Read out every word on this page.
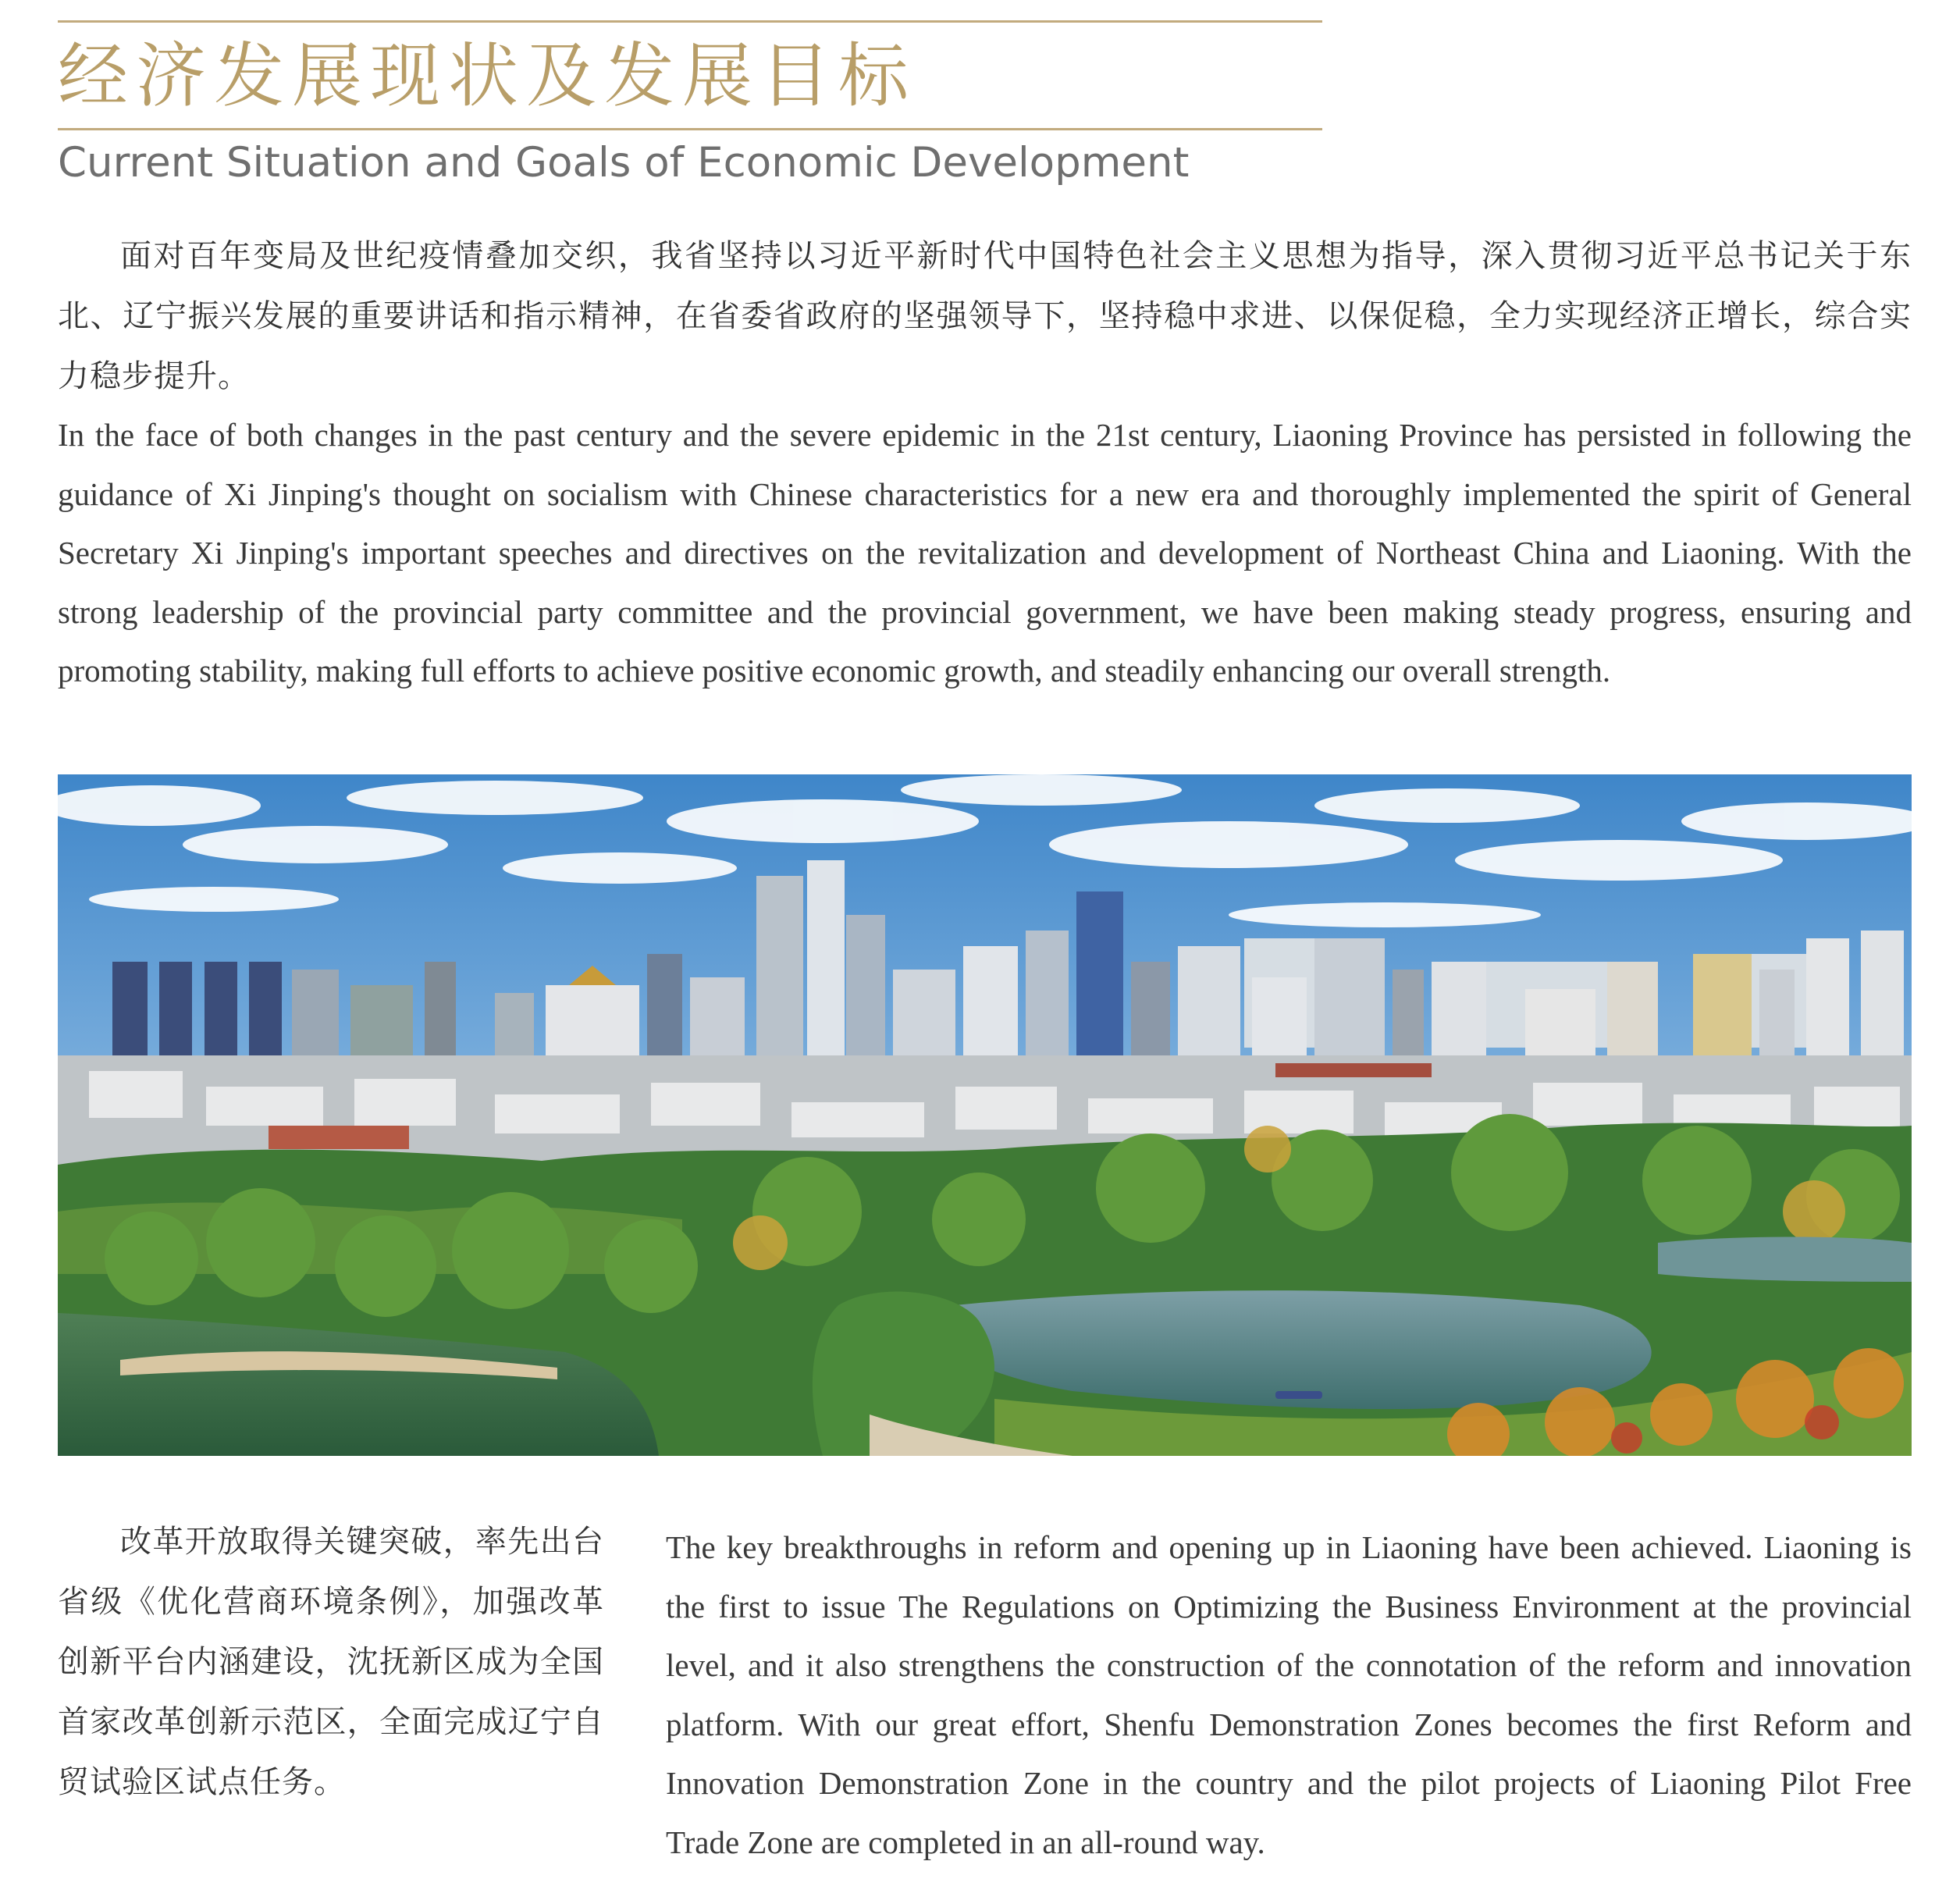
经济发展现状及发展目标
Current Situation and Goals of Economic Development

面对百年变局及世纪疫情叠加交织，我省坚持以习近平新时代中国特色社会主义思想为指导，深入贯彻习近平总书记关于东北、辽宁振兴发展的重要讲话和指示精神，在省委省政府的坚强领导下，坚持稳中求进、以保促稳，全力实现经济正增长，综合实力稳步提升。

In the face of both changes in the past century and the severe epidemic in the 21st century, Liaoning Province has persisted in following the guidance of Xi Jinping's thought on socialism with Chinese characteristics for a new era and thoroughly implemented the spirit of General Secretary Xi Jinping's important speeches and directives on the revitalization and development of Northeast China and Liaoning. With the strong leadership of the provincial party committee and the provincial government, we have been making steady progress, ensuring and promoting stability, making full efforts to achieve positive economic growth, and steadily enhancing our overall strength.

改革开放取得关键突破，率先出台省级《优化营商环境条例》，加强改革创新平台内涵建设，沈抚新区成为全国首家改革创新示范区，全面完成辽宁自贸试验区试点任务。

The key breakthroughs in reform and opening up in Liaoning have been achieved. Liaoning is the first to issue The Regulations on Optimizing the Business Environment at the provincial level, and it also strengthens the construction of the connotation of the reform and innovation platform. With our great effort, Shenfu Demonstration Zones becomes the first Reform and Innovation Demonstration Zone in the country and the pilot projects of Liaoning Pilot Free Trade Zone are completed in an all-round way.
